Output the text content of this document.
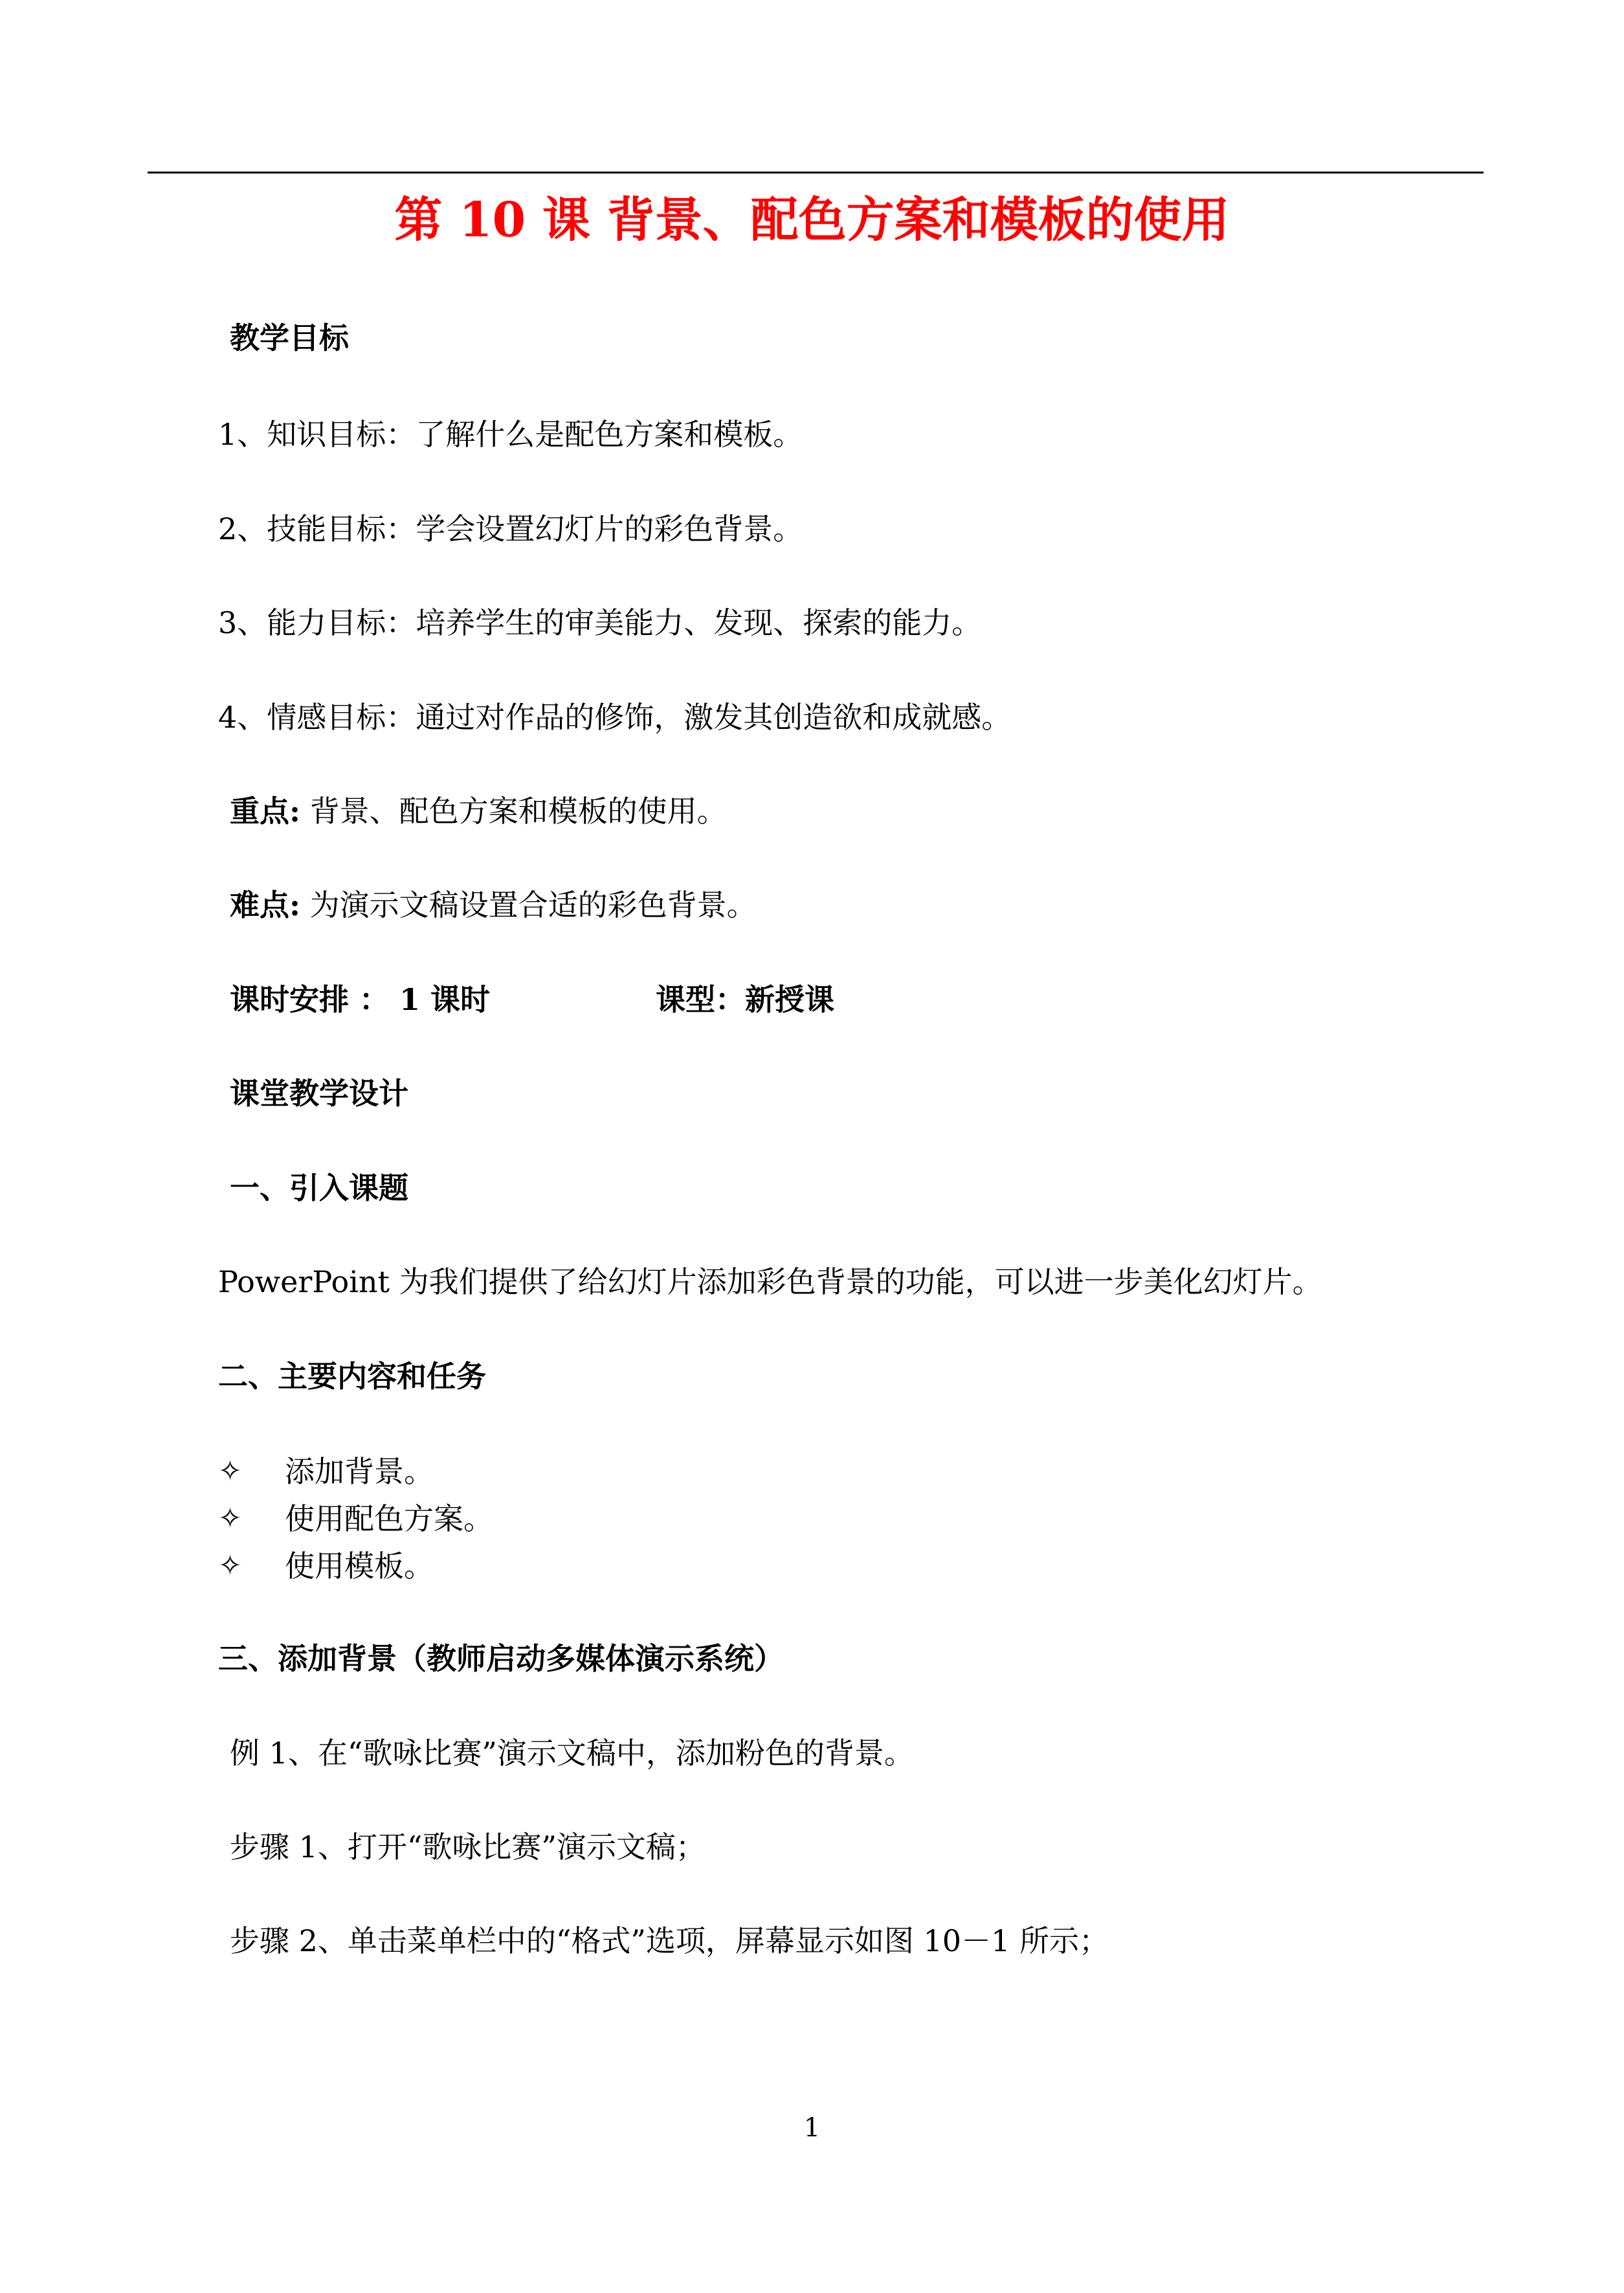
第 10 课 背景、配色方案和模板的使用
教学目标
1、知识目标：了解什么是配色方案和模板。
2、技能目标：学会设置幻灯片的彩色背景。
3、能力目标：培养学生的审美能力、发现、探索的能力。
4、情感目标：通过对作品的修饰，激发其创造欲和成就感。
重点: 背景、配色方案和模板的使用。
难点: 为演示文稿设置合适的彩色背景。
课时安排 ： 1 课时	课型：新授课
课堂教学设计
一、引入课题
PowerPoint 为我们提供了给幻灯片添加彩色背景的功能，可以进一步美化幻灯片。
二、主要内容和任务
✧ 添加背景。
✧ 使用配色方案。
✧ 使用模板。
三、添加背景（教师启动多媒体演示系统）
例 1、在“歌咏比赛”演示文稿中，添加粉色的背景。
步骤 1、打开“歌咏比赛”演示文稿；
步骤 2、单击菜单栏中的“格式”选项，屏幕显示如图 10－1 所示；
1
